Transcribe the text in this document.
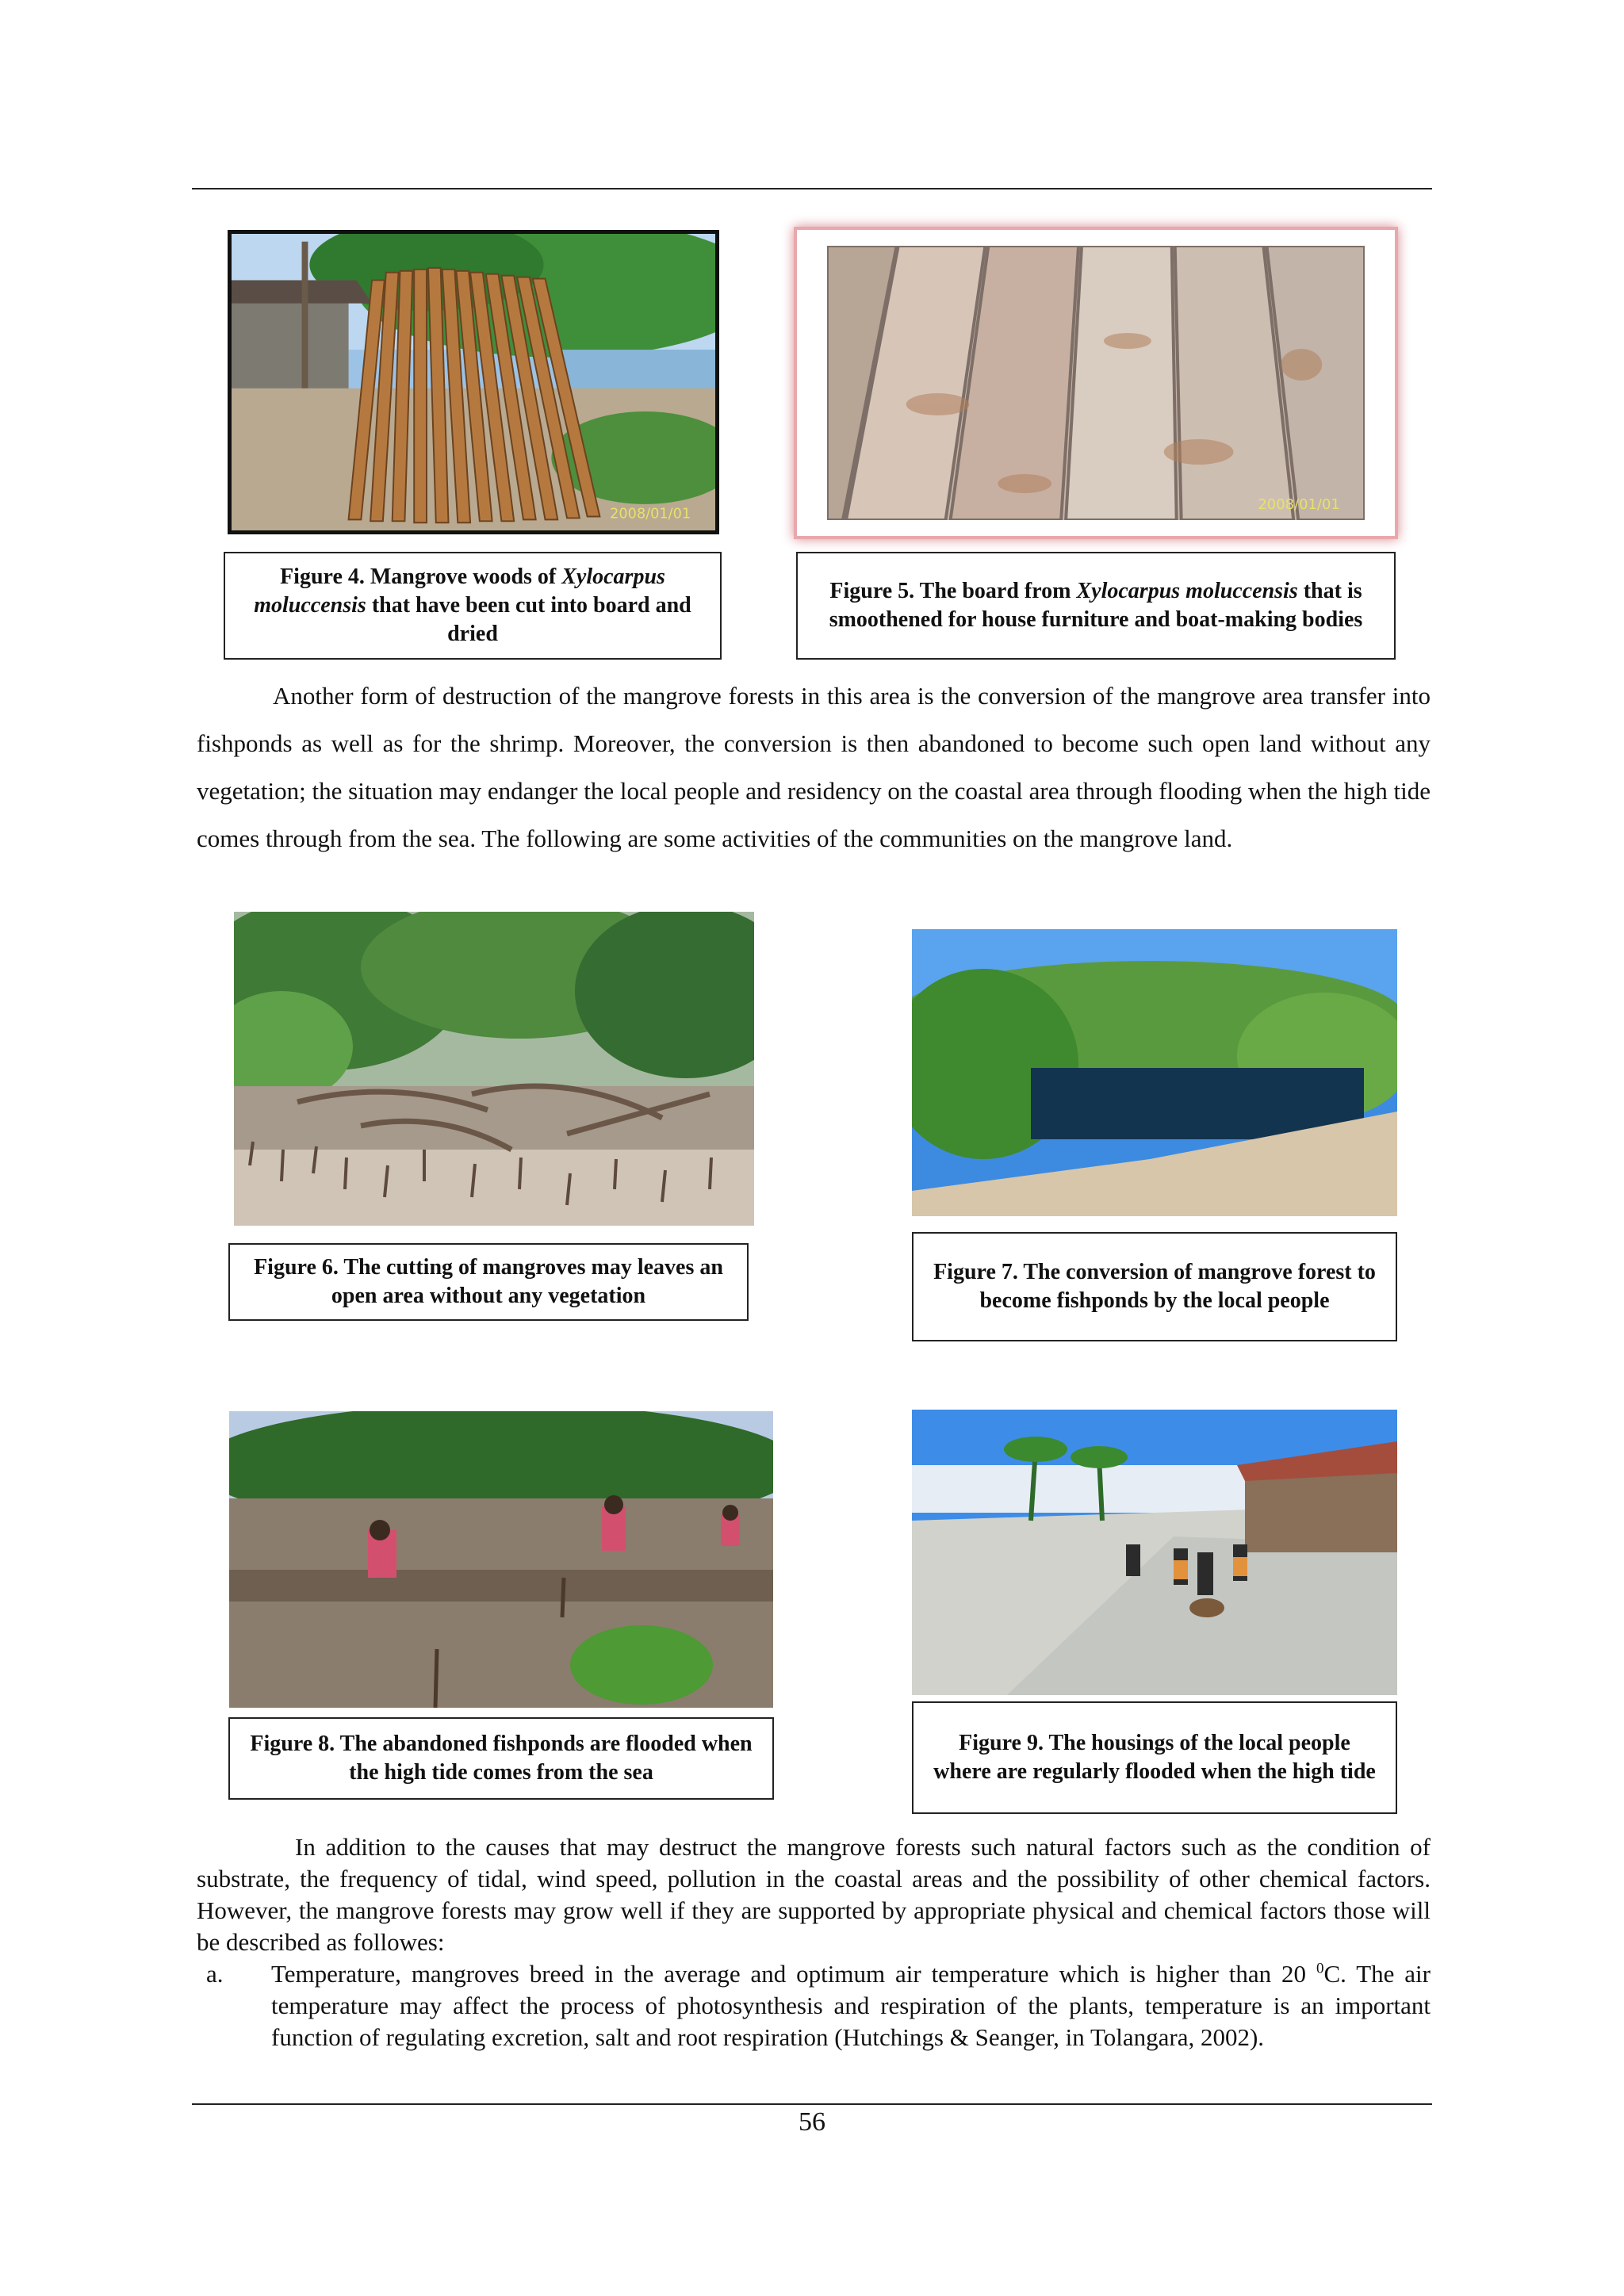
2008/01/01
2008/01/01
Figure 4. Mangrove woods of Xylocarpus moluccensis that have been cut into board and dried
Figure 5. The board from Xylocarpus moluccensis that is smoothened for house furniture and boat-making bodies

Another form of destruction of the mangrove forests in this area is the conversion of the mangrove area transfer into fishponds as well as for the shrimp. Moreover, the conversion is then abandoned to become such open land without any vegetation; the situation may endanger the local people and residency on the coastal area through flooding when the high tide comes through from the sea. The following are some activities of the communities on the mangrove land.

Figure 6. The cutting of mangroves may leaves an open area without any vegetation
Figure 7. The conversion of mangrove forest to become fishponds by the local people
Figure 8. The abandoned fishponds are flooded when the high tide comes from the sea
Figure 9. The housings of the local people where are regularly flooded when the high tide

In addition to the causes that may destruct the mangrove forests such natural factors such as the condition of substrate, the frequency of tidal, wind speed, pollution in the coastal areas and the possibility of other chemical factors. However, the mangrove forests may grow well if they are supported by appropriate physical and chemical factors those will be described as followes:

a. Temperature, mangroves breed in the average and optimum air temperature which is higher than 20 $^0$C. The air temperature may affect the process of photosynthesis and respiration of the plants, temperature is an important function of regulating excretion, salt and root respiration (Hutchings & Seanger, in Tolangara, 2002).
56
